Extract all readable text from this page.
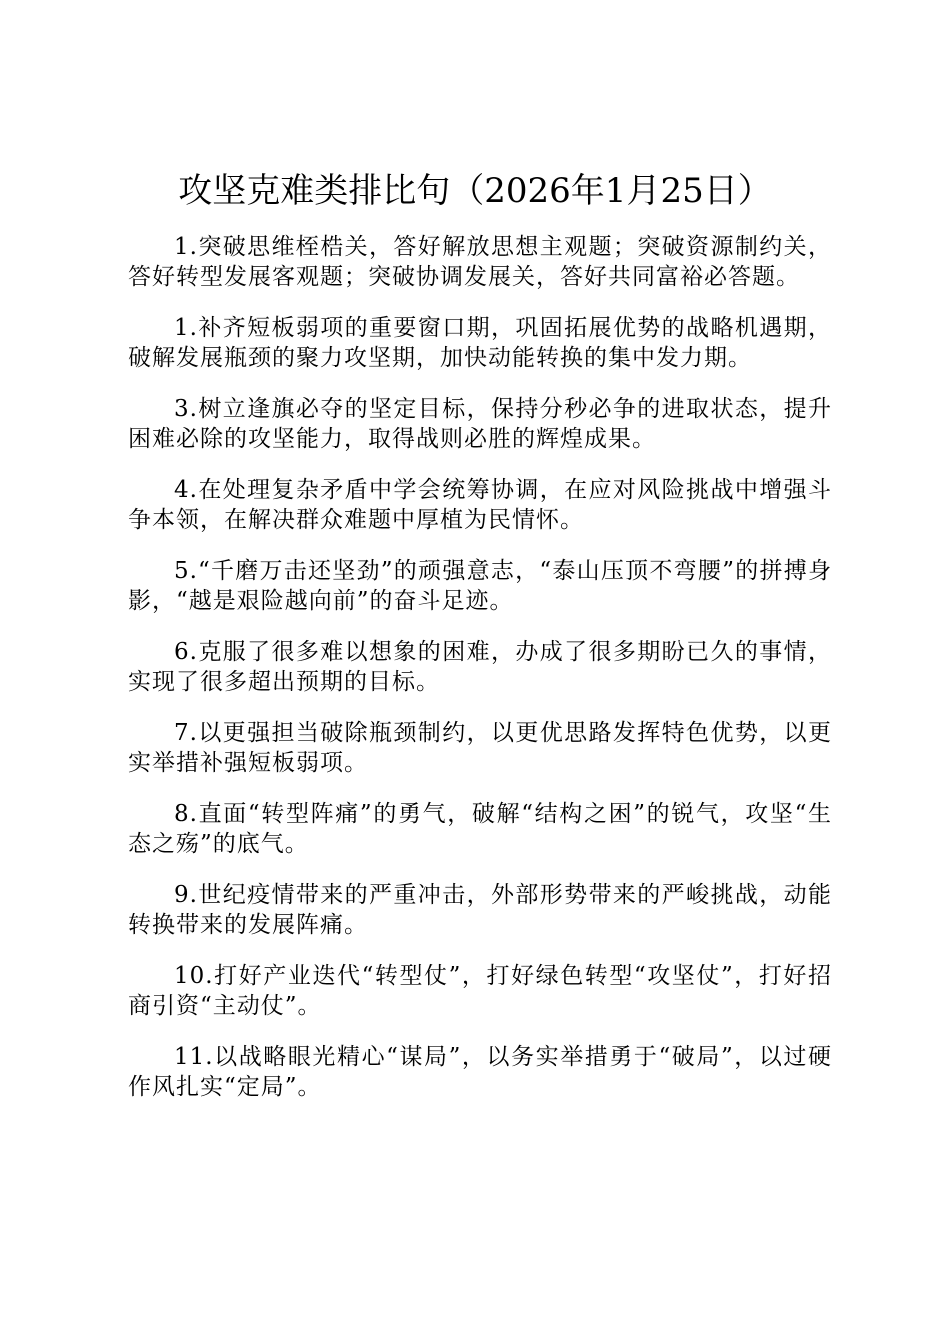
攻坚克难类排比句（2026年1月25日）

1.突破思维桎梏关，答好解放思想主观题；突破资源制约关，答好转型发展客观题；突破协调发展关，答好共同富裕必答题。

1.补齐短板弱项的重要窗口期，巩固拓展优势的战略机遇期，破解发展瓶颈的聚力攻坚期，加快动能转换的集中发力期。

3.树立逢旗必夺的坚定目标，保持分秒必争的进取状态，提升困难必除的攻坚能力，取得战则必胜的辉煌成果。

4.在处理复杂矛盾中学会统筹协调，在应对风险挑战中增强斗争本领，在解决群众难题中厚植为民情怀。

5.“千磨万击还坚劲”的顽强意志，“泰山压顶不弯腰”的拼搏身影，“越是艰险越向前”的奋斗足迹。

6.克服了很多难以想象的困难，办成了很多期盼已久的事情，实现了很多超出预期的目标。

7.以更强担当破除瓶颈制约，以更优思路发挥特色优势，以更实举措补强短板弱项。

8.直面“转型阵痛”的勇气，破解“结构之困”的锐气，攻坚“生态之殇”的底气。

9.世纪疫情带来的严重冲击，外部形势带来的严峻挑战，动能转换带来的发展阵痛。

10.打好产业迭代“转型仗”，打好绿色转型“攻坚仗”，打好招商引资“主动仗”。

11.以战略眼光精心“谋局”，以务实举措勇于“破局”，以过硬作风扎实“定局”。
